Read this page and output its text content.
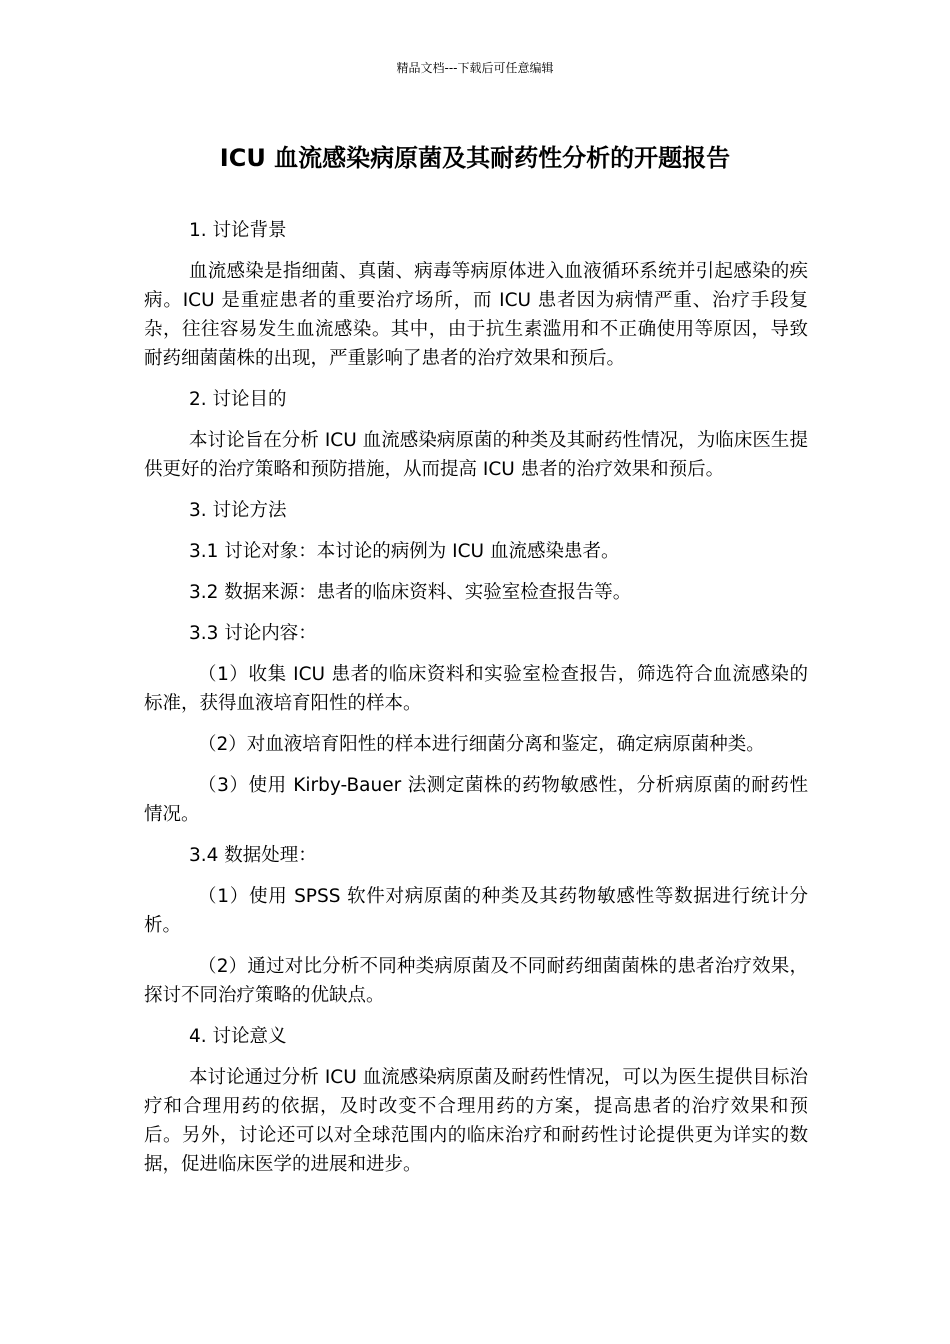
精品文档---下载后可任意编辑
ICU 血流感染病原菌及其耐药性分析的开题报告

1. 讨论背景

血流感染是指细菌、真菌、病毒等病原体进入血液循环系统并引起感染的疾病。ICU 是重症患者的重要治疗场所，而 ICU 患者因为病情严重、治疗手段复杂，往往容易发生血流感染。其中，由于抗生素滥用和不正确使用等原因，导致耐药细菌菌株的出现，严重影响了患者的治疗效果和预后。

2. 讨论目的

本讨论旨在分析 ICU 血流感染病原菌的种类及其耐药性情况，为临床医生提供更好的治疗策略和预防措施，从而提高 ICU 患者的治疗效果和预后。

3. 讨论方法

3.1 讨论对象：本讨论的病例为 ICU 血流感染患者。

3.2 数据来源：患者的临床资料、实验室检查报告等。

3.3 讨论内容：

（1）收集 ICU 患者的临床资料和实验室检查报告，筛选符合血流感染的标准，获得血液培育阳性的样本。

（2）对血液培育阳性的样本进行细菌分离和鉴定，确定病原菌种类。

（3）使用 Kirby-Bauer 法测定菌株的药物敏感性，分析病原菌的耐药性情况。

3.4 数据处理：

（1）使用 SPSS 软件对病原菌的种类及其药物敏感性等数据进行统计分析。

（2）通过对比分析不同种类病原菌及不同耐药细菌菌株的患者治疗效果，探讨不同治疗策略的优缺点。

4. 讨论意义

本讨论通过分析 ICU 血流感染病原菌及耐药性情况，可以为医生提供目标治疗和合理用药的依据，及时改变不合理用药的方案，提高患者的治疗效果和预后。另外，讨论还可以对全球范围内的临床治疗和耐药性讨论提供更为详实的数据，促进临床医学的进展和进步。
